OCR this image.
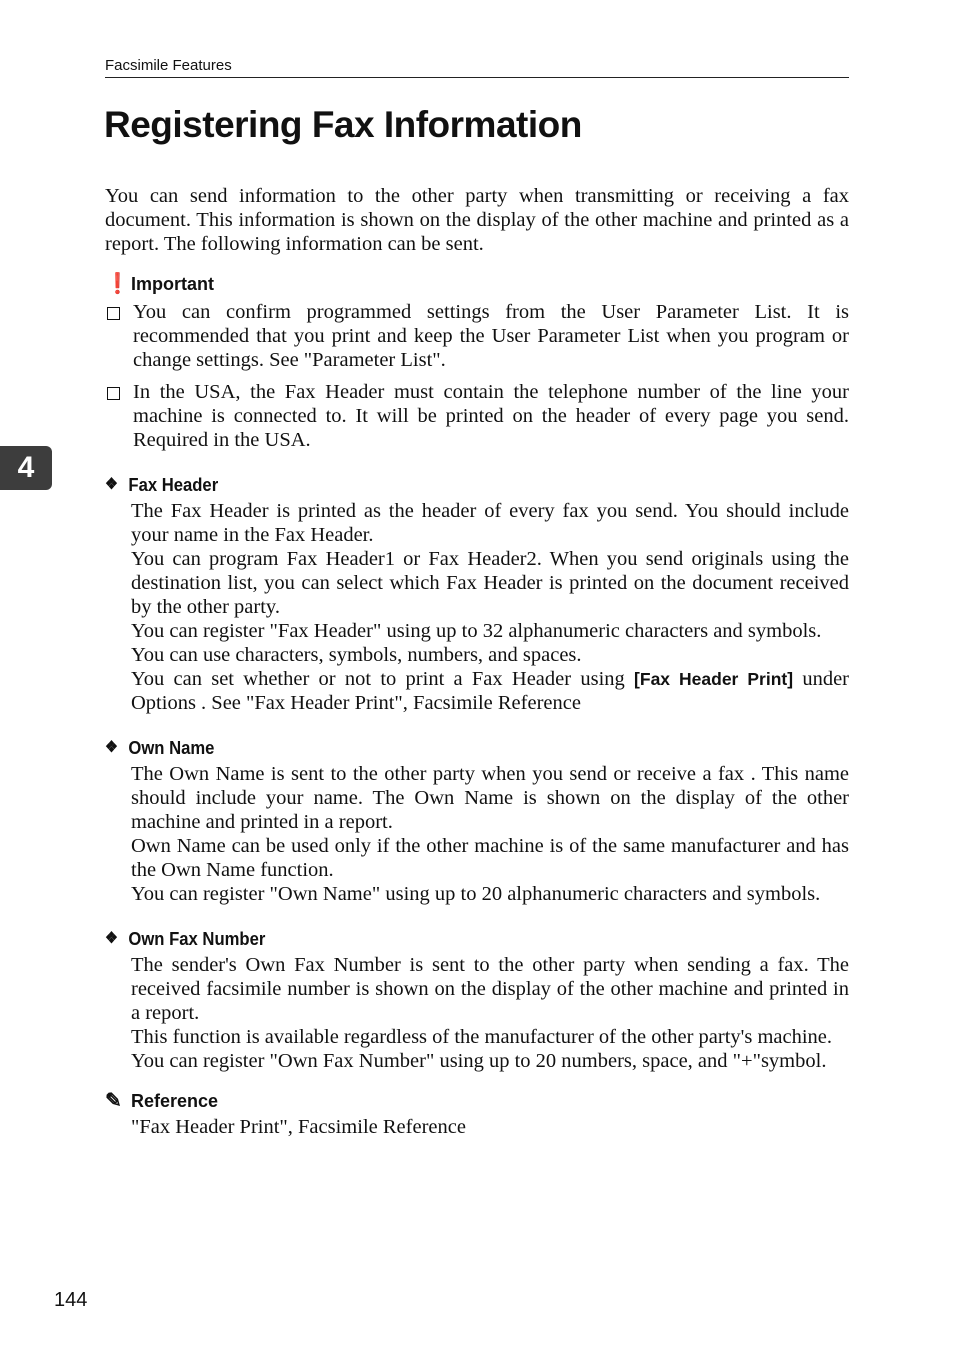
Facsimile Features
Registering Fax Information
4

You can send information to the other party when transmitting or receiving a fax document. This information is shown on the display of the other machine and printed as a report. The following information can be sent.

❗ Important

You can confirm programmed settings from the User Parameter List. It is recommended that you print and keep the User Parameter List when you program or change settings. See "Parameter List".

In the USA, the Fax Header must contain the telephone number of the line your machine is connected to. It will be printed on the header of every page you send. Required in the USA.

❖ Fax Header

The Fax Header is printed as the header of every fax you send. You should include your name in the Fax Header.

You can program Fax Header1 or Fax Header2. When you send originals using the destination list, you can select which Fax Header is printed on the document received by the other party.

You can register "Fax Header" using up to 32 alphanumeric characters and symbols.

You can use characters, symbols, numbers, and spaces.

You can set whether or not to print a Fax Header using [Fax Header Print] under Options . See "Fax Header Print", Facsimile Reference

❖ Own Name

The Own Name is sent to the other party when you send or receive a fax . This name should include your name. The Own Name is shown on the display of the other machine and printed in a report.

Own Name can be used only if the other machine is of the same manufacturer and has the Own Name function.

You can register "Own Name" using up to 20 alphanumeric characters and symbols.

❖ Own Fax Number

The sender's Own Fax Number is sent to the other party when sending a fax. The received facsimile number is shown on the display of the other machine and printed in a report.

This function is available regardless of the manufacturer of the other party's machine.

You can register "Own Fax Number" using up to 20 numbers, space, and "+"symbol.

✎ Reference

"Fax Header Print", Facsimile Reference

144
